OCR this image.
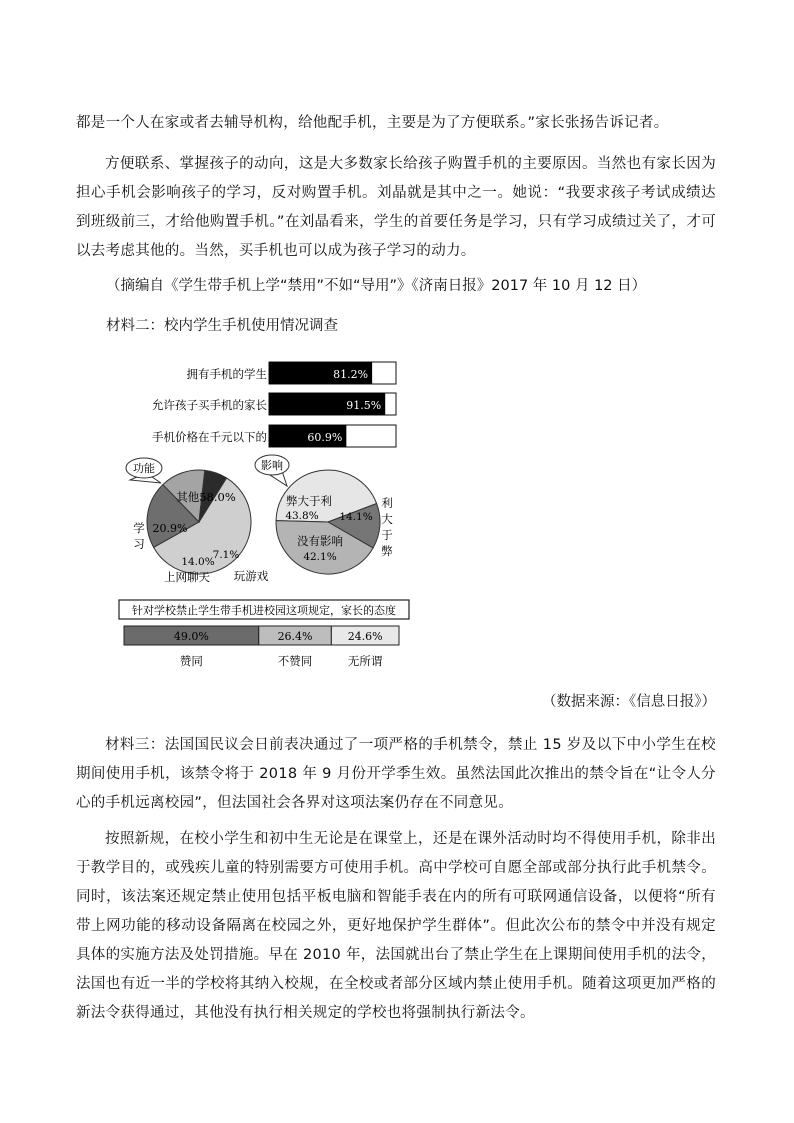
都是一个人在家或者去辅导机构，给他配手机，主要是为了方便联系。”家长张扬告诉记者。

方便联系、掌握孩子的动向，这是大多数家长给孩子购置手机的主要原因。当然也有家长因为担心手机会影响孩子的学习，反对购置手机。刘晶就是其中之一。她说：“我要求孩子考试成绩达到班级前三，才给他购置手机。”在刘晶看来，学生的首要任务是学习，只有学习成绩过关了，才可以去考虑其他的。当然，买手机也可以成为孩子学习的动力。

（摘编自《学生带手机上学“禁用”不如“导用”》《济南日报》2017 年 10 月 12 日）
材料二：校内学生手机使用情况调查
拥有手机的学生	81.2%
允许孩子买手机的家长	91.5%
手机价格在千元以下的	60.9%
功能
其他58.0%
20.9%
学
习
14.0%
上网聊天
7.1%
玩游戏
影响
弊大于利
43.8% 14.1%
利
大
于
弊
没有影响
42.1%
针对学校禁止学生带手机进校园这项规定，家长的态度
49.0%
赞同
26.4%
不赞同
24.6%
无所谓
（数据来源：《信息日报》）

材料三：法国国民议会日前表决通过了一项严格的手机禁令，禁止 15 岁及以下中小学生在校期间使用手机，该禁令将于 2018 年 9 月份开学季生效。虽然法国此次推出的禁令旨在“让令人分心的手机远离校园”，但法国社会各界对这项法案仍存在不同意见。

按照新规，在校小学生和初中生无论是在课堂上，还是在课外活动时均不得使用手机，除非出于教学目的，或残疾儿童的特别需要方可使用手机。高中学校可自愿全部或部分执行此手机禁令。同时，该法案还规定禁止使用包括平板电脑和智能手表在内的所有可联网通信设备，以便将“所有带上网功能的移动设备隔离在校园之外，更好地保护学生群体”。但此次公布的禁令中并没有规定具体的实施方法及处罚措施。早在 2010 年，法国就出台了禁止学生在上课期间使用手机的法令，法国也有近一半的学校将其纳入校规，在全校或者部分区域内禁止使用手机。随着这项更加严格的新法令获得通过，其他没有执行相关规定的学校也将强制执行新法令。
